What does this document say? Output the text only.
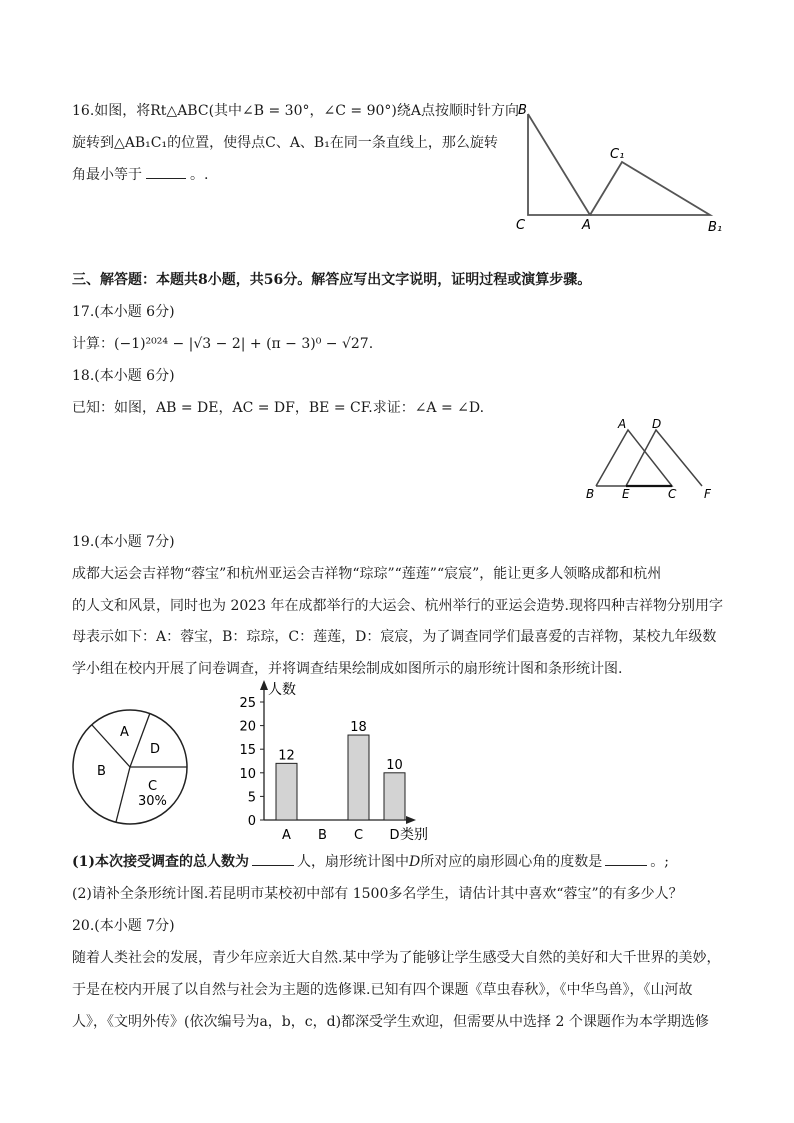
16.如图，将Rt△ABC(其中∠B = 30°，∠C = 90°)绕A点按顺时针方向
旋转到△AB₁C₁的位置，使得点C、A、B₁在同一条直线上，那么旋转
角最小等于	。.
B
C₁
C	A	B₁
三、解答题：本题共8小题，共56分。解答应写出文字说明，证明过程或演算步骤。
17.(本小题 6分)
计算：(−1)²⁰²⁴ − |√3 − 2| + (π − 3)⁰ − √27.
18.(本小题 6分)
已知：如图，AB = DE，AC = DF，BE = CF.求证：∠A = ∠D.
A D
B E	C F
19.(本小题 7分)
成都大运会吉祥物“蓉宝”和杭州亚运会吉祥物“琮琮”“莲莲”“宸宸”，能让更多人领略成都和杭州
的人文和风景，同时也为 2023 年在成都举行的大运会、杭州举行的亚运会造势.现将四种吉祥物分别用字
母表示如下：A：蓉宝，B：琮琮，C：莲莲，D：宸宸，为了调查同学们最喜爱的吉祥物，某校九年级数
学小组在校内开展了问卷调查，并将调查结果绘制成如图所示的扇形统计图和条形统计图.
A
B
C
30%
D
人数
类别
0
5
10
15
20
25
A
12
B C
18
D
10
(1)本次接受调查的总人数为	人，扇形统计图中D所对应的扇形圆心角的度数是	。;
(2)请补全条形统计图.若昆明市某校初中部有 1500多名学生，请估计其中喜欢“蓉宝”的有多少人？
20.(本小题 7分)
随着人类社会的发展，青少年应亲近大自然.某中学为了能够让学生感受大自然的美好和大千世界的美妙，
于是在校内开展了以自然与社会为主题的选修课.已知有四个课题《草虫春秋》，《中华鸟兽》，《山河故
人》，《文明外传》(依次编号为a，b，c，d)都深受学生欢迎，但需要从中选择 2 个课题作为本学期选修
